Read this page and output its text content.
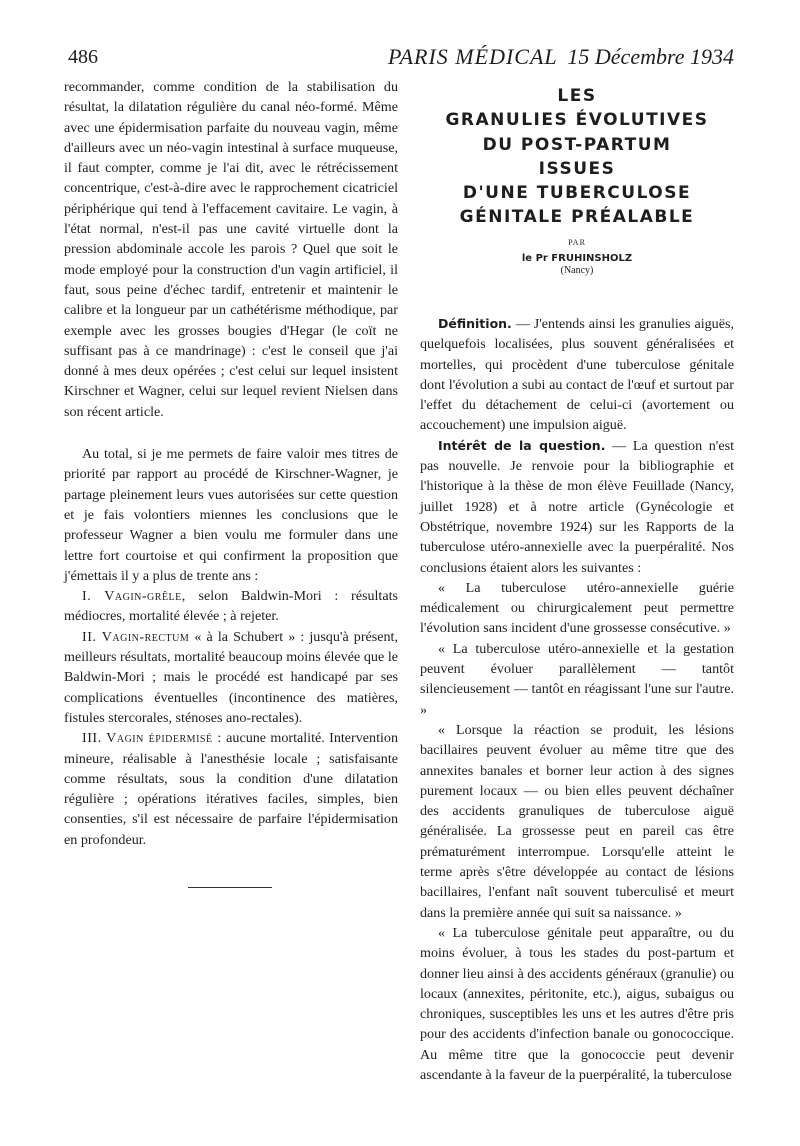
486	PARIS MÉDICAL 15 Décembre 1934

recommander, comme condition de la stabilisation du résultat, la dilatation régulière du canal néo-formé. Même avec une épidermisation parfaite du nouveau vagin, même d'ailleurs avec un néo-vagin intestinal à surface muqueuse, il faut compter, comme je l'ai dit, avec le rétrécissement concentrique, c'est-à-dire avec le rapprochement cicatriciel périphérique qui tend à l'effacement cavitaire. Le vagin, à l'état normal, n'est-il pas une cavité virtuelle dont la pression abdominale accole les parois ? Quel que soit le mode employé pour la construction d'un vagin artificiel, il faut, sous peine d'échec tardif, entretenir et maintenir le calibre et la longueur par un cathétérisme méthodique, par exemple avec les grosses bougies d'Hegar (le coït ne suffisant pas à ce mandrinage) : c'est le conseil que j'ai donné à mes deux opérées ; c'est celui sur lequel insistent Kirschner et Wagner, celui sur lequel revient Nielsen dans son récent article.

Au total, si je me permets de faire valoir mes titres de priorité par rapport au procédé de Kirschner-Wagner, je partage pleinement leurs vues autorisées sur cette question et je fais volontiers miennes les conclusions que le professeur Wagner a bien voulu me formuler dans une lettre fort courtoise et qui confirment la proposition que j'émettais il y a plus de trente ans :

I. Vagin-grêle, selon Baldwin-Mori : résultats médiocres, mortalité élevée ; à rejeter.

II. Vagin-rectum « à la Schubert » : jusqu'à présent, meilleurs résultats, mortalité beaucoup moins élevée que le Baldwin-Mori ; mais le procédé est handicapé par ses complications éventuelles (incontinence des matières, fistules stercorales, sténoses ano-rectales).

III. Vagin épidermisé : aucune mortalité. Intervention mineure, réalisable à l'anesthésie locale ; satisfaisante comme résultats, sous la condition d'une dilatation régulière ; opérations itératives faciles, simples, bien consenties, s'il est nécessaire de parfaire l'épidermisation en profondeur.

LES
GRANULIES ÉVOLUTIVES
DU POST-PARTUM
ISSUES
D'UNE TUBERCULOSE
GÉNITALE PRÉALABLE
PAR
le Pr FRUHINSHOLZ
(Nancy)

Définition. — J'entends ainsi les granulies aiguës, quelquefois localisées, plus souvent généralisées et mortelles, qui procèdent d'une tuberculose génitale dont l'évolution a subi au contact de l'œuf et surtout par l'effet du détachement de celui-ci (avortement ou accouchement) une impulsion aiguë.

Intérêt de la question. — La question n'est pas nouvelle. Je renvoie pour la bibliographie et l'historique à la thèse de mon élève Feuillade (Nancy, juillet 1928) et à notre article (Gynécologie et Obstétrique, novembre 1924) sur les Rapports de la tuberculose utéro-annexielle avec la puerpéralité. Nos conclusions étaient alors les suivantes :

« La tuberculose utéro-annexielle guérie médicalement ou chirurgicalement peut permettre l'évolution sans incident d'une grossesse consécutive. »

« La tuberculose utéro-annexielle et la gestation peuvent évoluer parallèlement — tantôt silencieusement — tantôt en réagissant l'une sur l'autre. »

« Lorsque la réaction se produit, les lésions bacillaires peuvent évoluer au même titre que des annexites banales et borner leur action à des signes purement locaux — ou bien elles peuvent déchaîner des accidents granuliques de tuberculose aiguë généralisée. La grossesse peut en pareil cas être prématurément interrompue. Lorsqu'elle atteint le terme après s'être développée au contact de lésions bacillaires, l'enfant naît souvent tuberculisé et meurt dans la première année qui suit sa naissance. »

« La tuberculose génitale peut apparaître, ou du moins évoluer, à tous les stades du post-partum et donner lieu ainsi à des accidents généraux (granulie) ou locaux (annexites, péritonite, etc.), aigus, subaigus ou chroniques, susceptibles les uns et les autres d'être pris pour des accidents d'infection banale ou gonococcique. Au même titre que la gonococcie peut devenir ascendante à la faveur de la puerpéralité, la tuberculose
